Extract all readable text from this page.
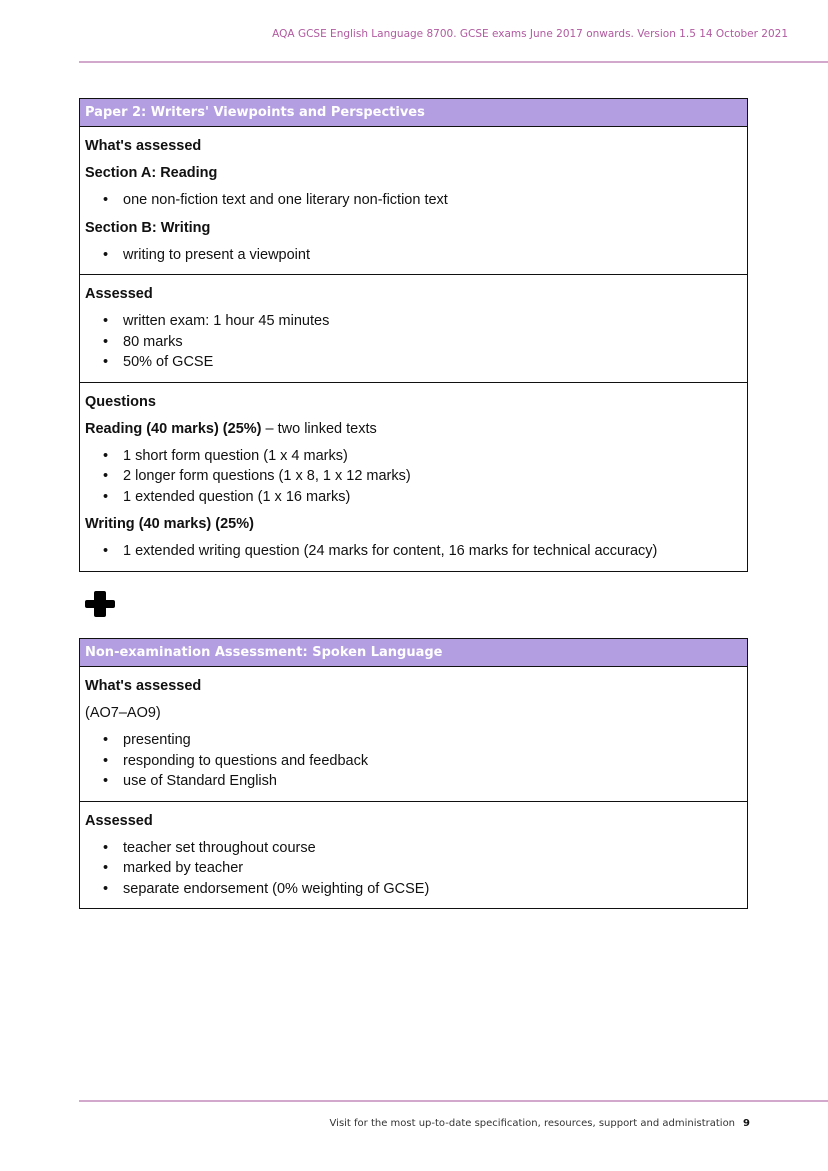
AQA GCSE English Language 8700. GCSE exams June 2017 onwards. Version 1.5 14 October 2021
Paper 2: Writers' Viewpoints and Perspectives
What's assessed
Section A: Reading
• one non-fiction text and one literary non-fiction text
Section B: Writing
• writing to present a viewpoint
Assessed
• written exam: 1 hour 45 minutes
• 80 marks
• 50% of GCSE
Questions
Reading (40 marks) (25%) – two linked texts
• 1 short form question (1 x 4 marks)
• 2 longer form questions (1 x 8, 1 x 12 marks)
• 1 extended question (1 x 16 marks)
Writing (40 marks) (25%)
• 1 extended writing question (24 marks for content, 16 marks for technical accuracy)
Non-examination Assessment: Spoken Language
What's assessed
(AO7–AO9)
• presenting
• responding to questions and feedback
• use of Standard English
Assessed
• teacher set throughout course
• marked by teacher
• separate endorsement (0% weighting of GCSE)
Visit for the most up-to-date specification, resources, support and administration 9
